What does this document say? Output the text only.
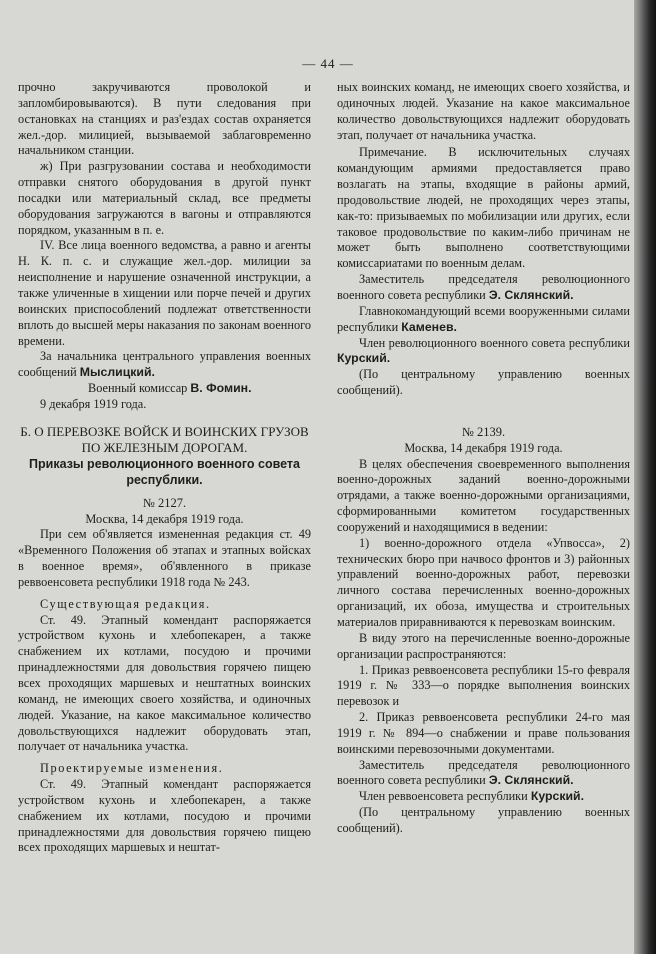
— 44 —

прочно закручиваются проволокой и запломбировываются). В пути следования при остановках на станциях и раз'ездах состав охраняется жел.-дор. милицией, вызываемой заблаговременно начальником станции.

ж) При разгрузовании состава и необходимости отправки снятого оборудования в другой пункт посадки или материальный склад, все предметы оборудования загружаются в вагоны и отправляются порядком, указанным в п. е.

IV. Все лица военного ведомства, а равно и агенты Н. К. п. с. и служащие жел.-дор. милиции за неисполнение и нарушение означенной инструкции, а также уличенные в хищении или порче печей и других воинских приспособлений подлежат ответственности вплоть до высшей меры наказания по законам военного времени.

За начальника центрального управления военных сообщений Мыслицкий.

Военный комиссар В. Фомин.

9 декабря 1919 года.

Б. О ПЕРЕВОЗКЕ ВОЙСК И ВОИНСКИХ ГРУЗОВ ПО ЖЕЛЕЗНЫМ ДОРОГАМ.

Приказы революционного военного совета республики.

№ 2127.

Москва, 14 декабря 1919 года.

При сем об'является измененная редакция ст. 49 «Временного Положения об этапах и этапных войсках в военное время», об'явленного в приказе реввоенсовета республики 1918 года № 243.

Существующая редакция.

Ст. 49. Этапный комендант распоряжается устройством кухонь и хлебопекарен, а также снабжением их котлами, посудою и прочими принадлежностями для довольствия горячею пищею всех проходящих маршевых и нештатных воинских команд, не имеющих своего хозяйства, и одиночных людей. Указание, на какое максимальное количество довольствующихся надлежит оборудовать этап, получает от начальника участка.

Проектируемые изменения.

Ст. 49. Этапный комендант распоряжается устройством кухонь и хлебопекарен, а также снабжением их котлами, посудою и прочими принадлежностями для довольствия горячею пищею всех проходящих маршевых и нештат-

ных воинских команд, не имеющих своего хозяйства, и одиночных людей. Указание на какое максимальное количество довольствующихся надлежит оборудовать этап, получает от начальника участка.

Примечание. В исключительных случаях командующим армиями предоставляется право возлагать на этапы, входящие в районы армий, продовольствие людей, не проходящих через этапы, как-то: призываемых по мобилизации или других, если таковое продовольствие по каким-либо причинам не может быть выполнено соответствующими комиссариатами по военным делам.

Заместитель председателя революционного военного совета республики Э. Склянский.

Главнокомандующий всеми вооруженными силами республики Каменев.

Член революционного военного совета республики Курский.

(По центральному управлению военных сообщений).

№ 2139.

Москва, 14 декабря 1919 года.

В целях обеспечения своевременного выполнения военно-дорожных заданий военно-дорожными отрядами, а также военно-дорожными организациями, сформированными комитетом государственных сооружений и находящимися в ведении:

1) военно-дорожного отдела «Упвосса», 2) технических бюро при начвосо фронтов и 3) районных управлений военно-дорожных работ, перевозки личного состава перечисленных военно-дорожных организаций, их обоза, имущества и строительных материалов приравниваются к перевозкам воинским.

В виду этого на перечисленные военно-дорожные организации распространяются:

1. Приказ реввоенсовета республики 15-го февраля 1919 г. № 333—о порядке выполнения воинских перевозок и

2. Приказ реввоенсовета республики 24-го мая 1919 г. № 894—о снабжении и праве пользования воинскими перевозочными документами.

Заместитель председателя революционного военного совета республики Э. Склянский.

Член реввоенсовета республики Курский.

(По центральному управлению военных сообщений).
